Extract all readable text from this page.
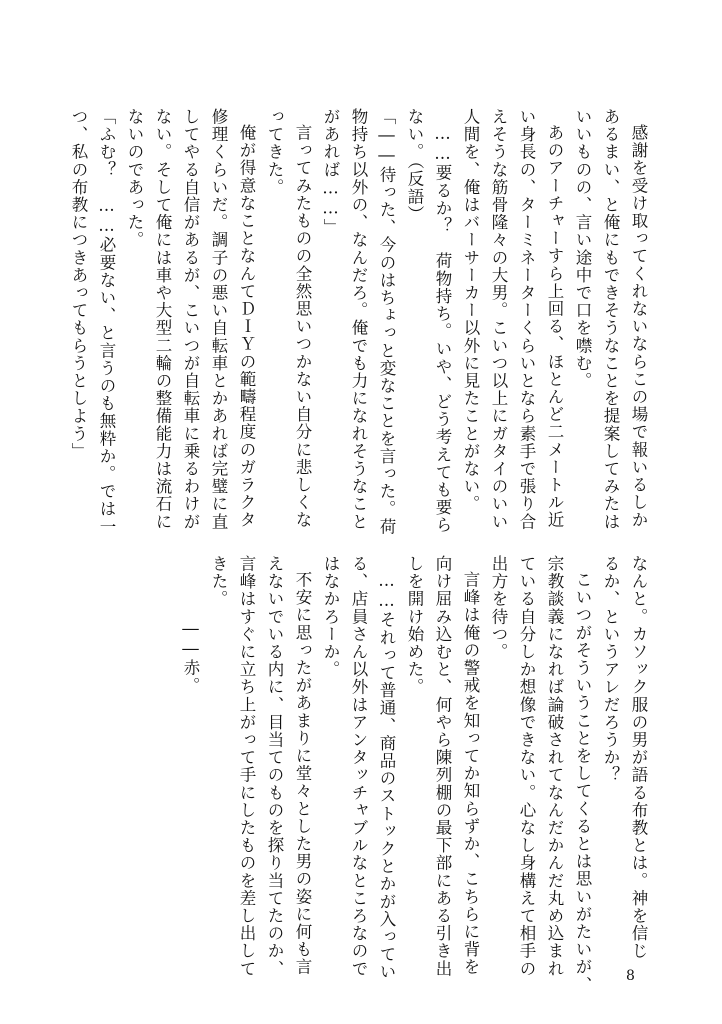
感謝を受け取ってくれないならこの場で報いるしか
あるまい、と俺にもできそうなことを提案してみたは
いいものの、言い途中で口を噤む。
あのアーチャーすら上回る、ほとんど二メートル近
い身長の、ターミネーターくらいとなら素手で張り合
えそうな筋骨隆々の大男。こいつ以上にガタイのいい
人間を、俺はバーサーカー以外に見たことがない。
……要るか？　荷物持ち。いや、どう考えても要ら
ない。（反語）
「――待った、今のはちょっと変なことを言った。荷
物持ち以外の、なんだろ。俺でも力になれそうなこと
があれば……」
言ってみたものの全然思いつかない自分に悲しくな
ってきた。
俺が得意なことなんてＤＩＹの範疇程度のガラクタ
修理くらいだ。調子の悪い自転車とかあれば完璧に直
してやる自信があるが、こいつが自転車に乗るわけが
ない。そして俺には車や大型二輪の整備能力は流石に
ないのであった。
「ふむ？　……必要ない、と言うのも無粋か。では一
つ、私の布教につきあってもらうとしよう」
なんと。カソック服の男が語る布教とは。神を信じ
るか、というアレだろうか？
こいつがそういうことをしてくるとは思いがたいが、
宗教談義になれば論破されてなんだかんだ丸め込まれ
ている自分しか想像できない。心なし身構えて相手の
出方を待つ。
言峰は俺の警戒を知ってか知らずか、こちらに背を
向け屈み込むと、何やら陳列棚の最下部にある引き出
しを開け始めた。
……それって普通、商品のストックとかが入ってい
る、店員さん以外はアンタッチャブルなところなので
はなかろーか。
不安に思ったがあまりに堂々とした男の姿に何も言
えないでいる内に、目当てのものを探り当てたのか、
言峰はすぐに立ち上がって手にしたものを差し出して
きた。
――赤。
8
